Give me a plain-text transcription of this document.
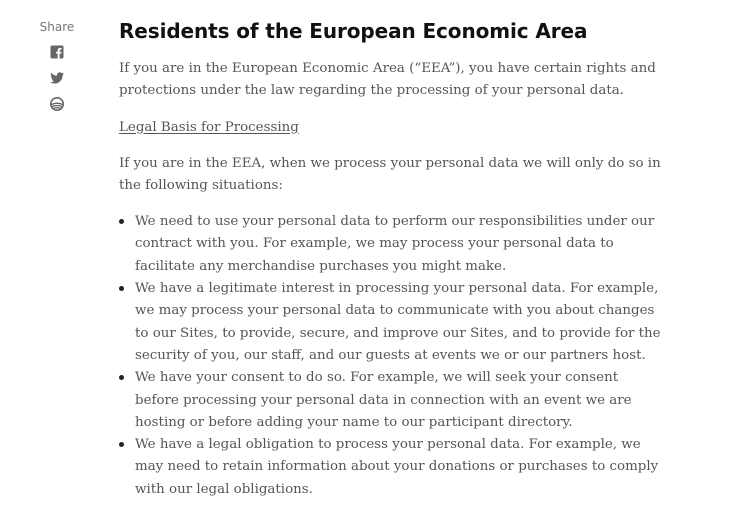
Share Residents of the European Economic Area

If you are in the European Economic Area (“EEA”), you have certain rights and protections under the law regarding the processing of your personal data.

Legal Basis for Processing

If you are in the EEA, when we process your personal data we will only do so in the following situations:

We need to use your personal data to perform our responsibilities under our contract with you. For example, we may process your personal data to facilitate any merchandise purchases you might make.
We have a legitimate interest in processing your personal data. For example, we may process your personal data to communicate with you about changes to our Sites, to provide, secure, and improve our Sites, and to provide for the security of you, our staff, and our guests at events we or our partners host.
We have your consent to do so. For example, we will seek your consent before processing your personal data in connection with an event we are hosting or before adding your name to our participant directory.
We have a legal obligation to process your personal data. For example, we may need to retain information about your donations or purchases to comply with our legal obligations.
